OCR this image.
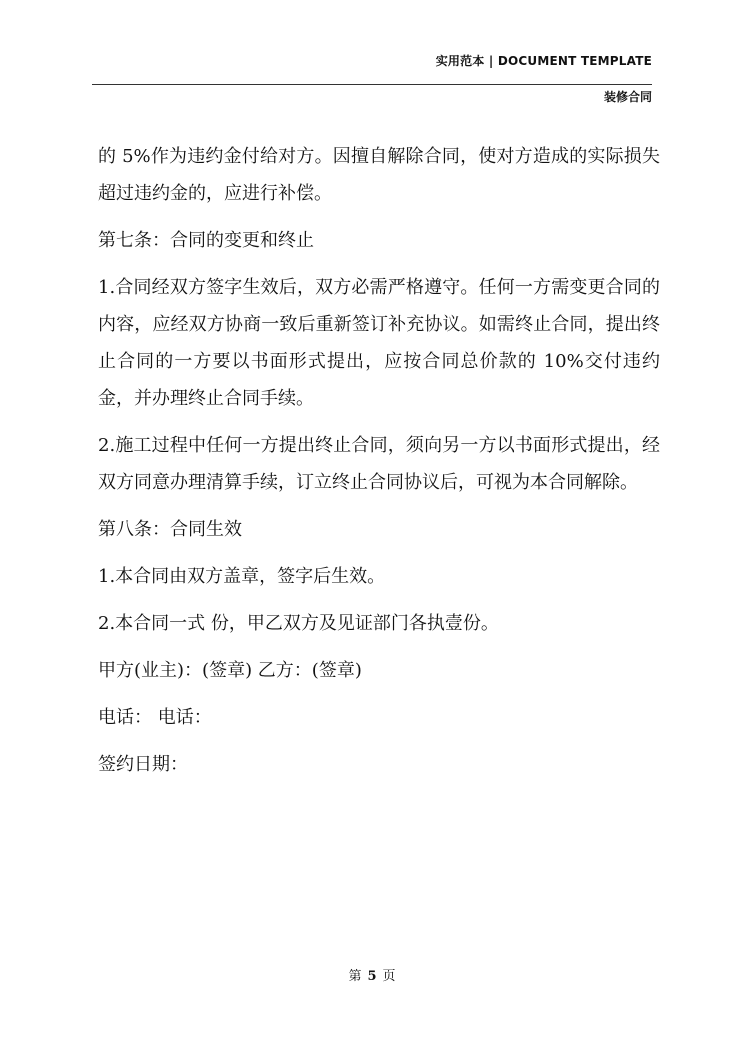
实用范本 | DOCUMENT TEMPLATE
装修合同

的 5%作为违约金付给对方。因擅自解除合同，使对方造成的实际损失超过违约金的，应进行补偿。

第七条：合同的变更和终止

1.合同经双方签字生效后，双方必需严格遵守。任何一方需变更合同的内容，应经双方协商一致后重新签订补充协议。如需终止合同，提出终止合同的一方要以书面形式提出，应按合同总价款的 10%交付违约金，并办理终止合同手续。

2.施工过程中任何一方提出终止合同，须向另一方以书面形式提出，经双方同意办理清算手续，订立终止合同协议后，可视为本合同解除。

第八条：合同生效

1.本合同由双方盖章，签字后生效。

2.本合同一式 份，甲乙双方及见证部门各执壹份。

甲方(业主)：(签章) 乙方：(签章)

电话： 电话：

签约日期：

第 5 页
